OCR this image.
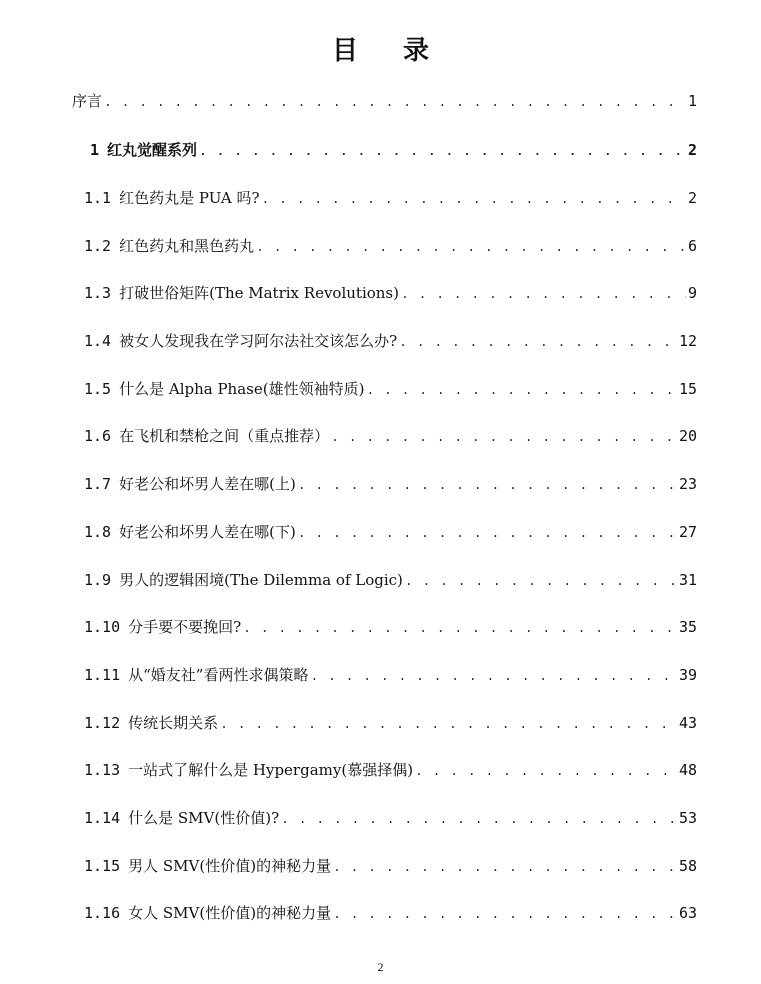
目 录
序言 . . .	1
1 红丸觉醒系列 . . .	2
1.1 红色药丸是 PUA 吗? . . .	2
1.2 红色药丸和黑色药丸 . . .	6
1.3 打破世俗矩阵(The Matrix Revolutions) . . .	9
1.4 被女人发现我在学习阿尔法社交该怎么办? . . .	12
1.5 什么是 Alpha Phase(雄性领袖特质) . . .	15
1.6 在飞机和禁枪之间（重点推荐） . . .	20
1.7 好老公和坏男人差在哪(上) . . .	23
1.8 好老公和坏男人差在哪(下) . . .	27
1.9 男人的逻辑困境(The Dilemma of Logic) . . .	31
1.10 分手要不要挽回? . . .	35
1.11 从“婚友社”看两性求偶策略 . . .	39
1.12 传统长期关系 . . .	43
1.13 一站式了解什么是 Hypergamy(慕强择偶) . . .	48
1.14 什么是 SMV(性价值)? . . .	53
1.15 男人 SMV(性价值)的神秘力量 . . .	58
1.16 女人 SMV(性价值)的神秘力量 . . .	63
2
